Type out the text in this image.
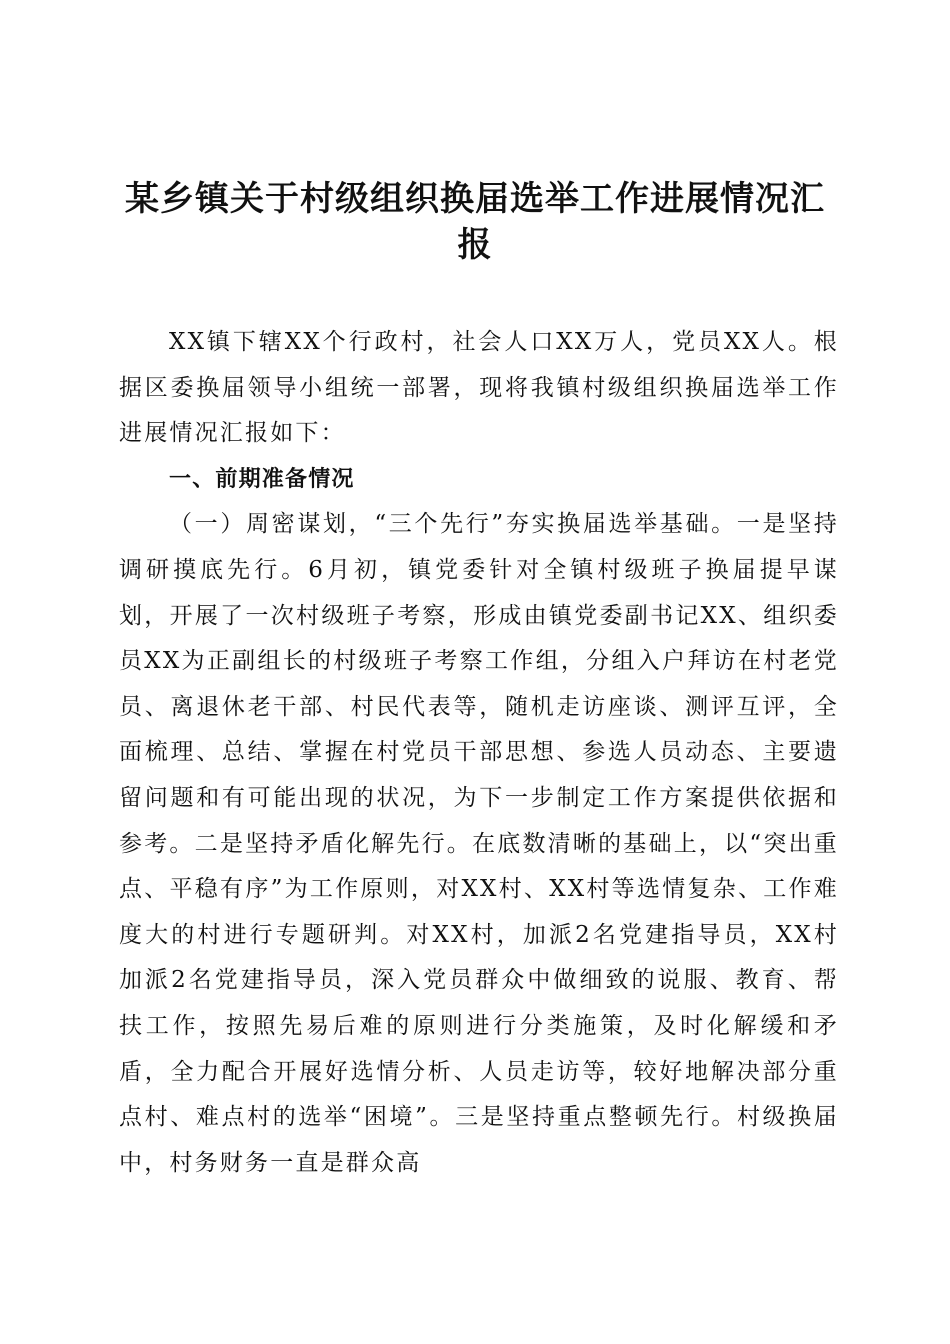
某乡镇关于村级组织换届选举工作进展情况汇报

XX镇下辖XX个行政村，社会人口XX万人，党员XX人。根据区委换届领导小组统一部署，现将我镇村级组织换届选举工作进展情况汇报如下：

一、前期准备情况

（一）周密谋划，“三个先行”夯实换届选举基础。一是坚持调研摸底先行。6月初，镇党委针对全镇村级班子换届提早谋划，开展了一次村级班子考察，形成由镇党委副书记XX、组织委员XX为正副组长的村级班子考察工作组，分组入户拜访在村老党员、离退休老干部、村民代表等，随机走访座谈、测评互评，全面梳理、总结、掌握在村党员干部思想、参选人员动态、主要遗留问题和有可能出现的状况，为下一步制定工作方案提供依据和参考。二是坚持矛盾化解先行。在底数清晰的基础上，以“突出重点、平稳有序”为工作原则，对XX村、XX村等选情复杂、工作难度大的村进行专题研判。对XX村，加派2名党建指导员，XX村加派2名党建指导员，深入党员群众中做细致的说服、教育、帮扶工作，按照先易后难的原则进行分类施策，及时化解缓和矛盾，全力配合开展好选情分析、人员走访等，较好地解决部分重点村、难点村的选举“困境”。三是坚持重点整顿先行。村级换届中，村务财务一直是群众高
